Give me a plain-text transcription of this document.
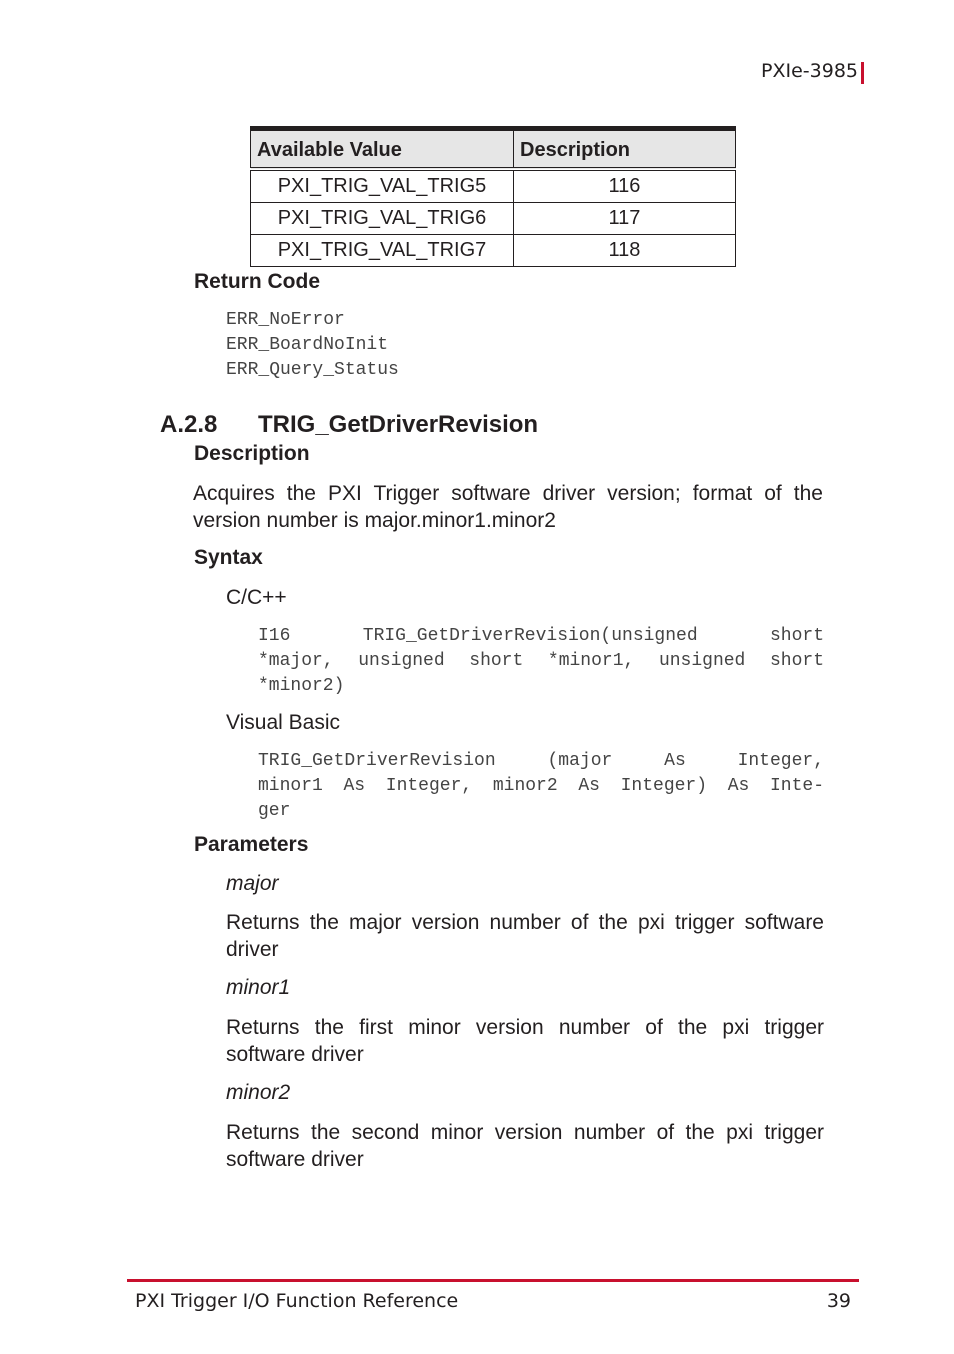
PXIe-3985
Available Value	Description
PXI_TRIG_VAL_TRIG5	116
PXI_TRIG_VAL_TRIG6	117
PXI_TRIG_VAL_TRIG7	118
Return Code
ERR_NoError
ERR_BoardNoInit
ERR_Query_Status
A.2.8 TRIG_GetDriverRevision
Description
Acquires the PXI Trigger software driver version; format of the
version number is major.minor1.minor2
Syntax
C/C++
I16 TRIG_GetDriverRevision(unsigned short
*major, unsigned short *minor1, unsigned short
*minor2)
Visual Basic
TRIG_GetDriverRevision (major As Integer,
minor1 As Integer, minor2 As Integer) As Inte-
ger
Parameters
major
Returns the major version number of the pxi trigger software
driver
minor1
Returns the first minor version number of the pxi trigger
software driver
minor2
Returns the second minor version number of the pxi trigger
software driver
PXI Trigger I/O Function Reference	39
